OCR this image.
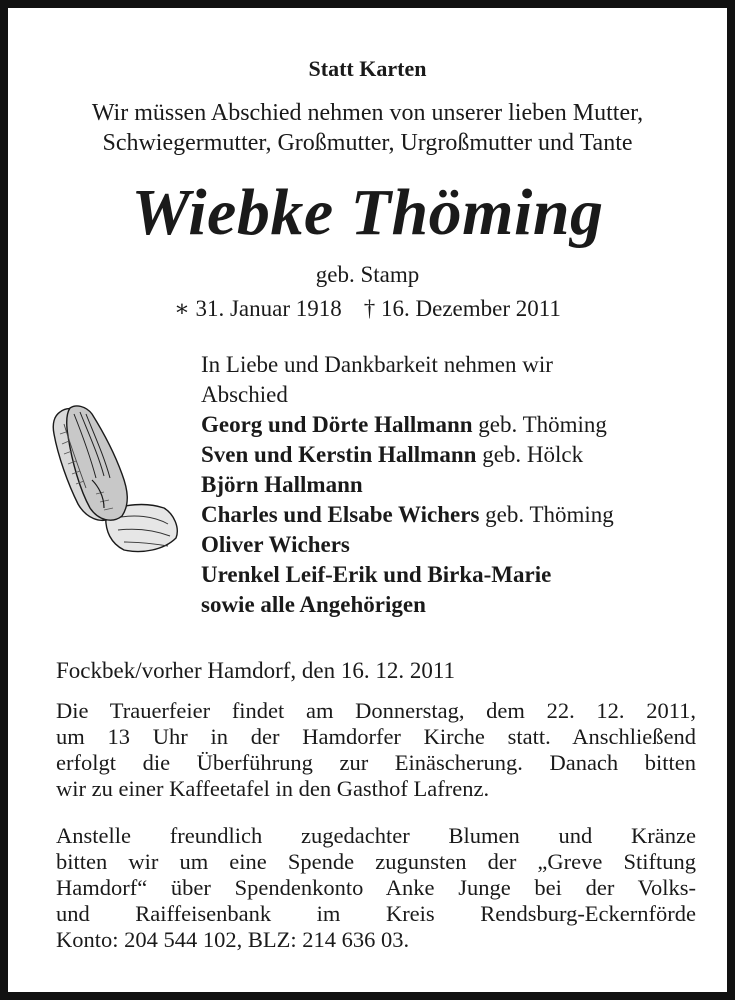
Statt Karten
Wir müssen Abschied nehmen von unserer lieben Mutter,
Schwiegermutter, Großmutter, Urgroßmutter und Tante
Wiebke Thöming
geb. Stamp
∗ 31. Januar 1918 † 16. Dezember 2011
In Liebe und Dankbarkeit nehmen wir
Abschied
Georg und Dörte Hallmann geb. Thöming
Sven und Kerstin Hallmann geb. Hölck
Björn Hallmann
Charles und Elsabe Wichers geb. Thöming
Oliver Wichers
Urenkel Leif-Erik und Birka-Marie
sowie alle Angehörigen
Fockbek/vorher Hamdorf, den 16. 12. 2011
Die Trauerfeier findet am Donnerstag, dem 22. 12. 2011,
um 13 Uhr in der Hamdorfer Kirche statt. Anschließend
erfolgt die Überführung zur Einäscherung. Danach bitten
wir zu einer Kaffeetafel in den Gasthof Lafrenz.
Anstelle freundlich zugedachter Blumen und Kränze
bitten wir um eine Spende zugunsten der „Greve Stiftung
Hamdorf“ über Spendenkonto Anke Junge bei der Volks-
und Raiffeisenbank im Kreis Rendsburg-Eckernförde
Konto: 204 544 102, BLZ: 214 636 03.
